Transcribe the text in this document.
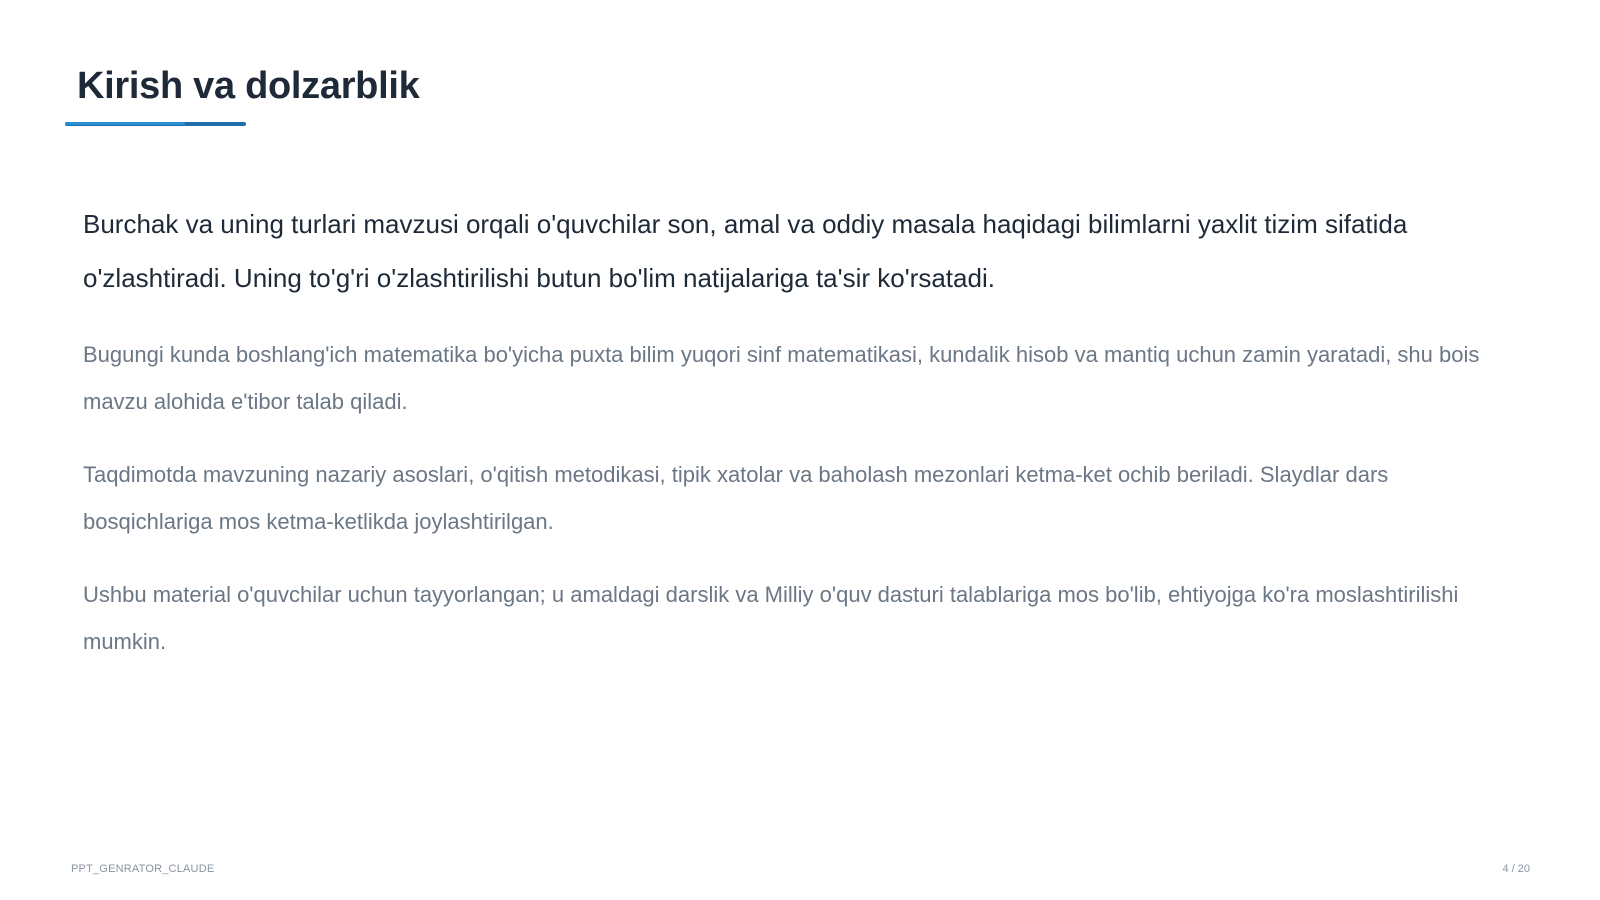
Kirish va dolzarblik

Burchak va uning turlari mavzusi orqali o'quvchilar son, amal va oddiy masala haqidagi bilimlarni yaxlit tizim sifatida o'zlashtiradi. Uning to'g'ri o'zlashtirilishi butun bo'lim natijalariga ta'sir ko'rsatadi.

Bugungi kunda boshlang'ich matematika bo'yicha puxta bilim yuqori sinf matematikasi, kundalik hisob va mantiq uchun zamin yaratadi, shu bois mavzu alohida e'tibor talab qiladi.

Taqdimotda mavzuning nazariy asoslari, o'qitish metodikasi, tipik xatolar va baholash mezonlari ketma-ket ochib beriladi. Slaydlar dars bosqichlariga mos ketma-ketlikda joylashtirilgan.

Ushbu material o'quvchilar uchun tayyorlangan; u amaldagi darslik va Milliy o'quv dasturi talablariga mos bo'lib, ehtiyojga ko'ra moslashtirilishi mumkin.

PPT_GENRATOR_CLAUDE	4 / 20
